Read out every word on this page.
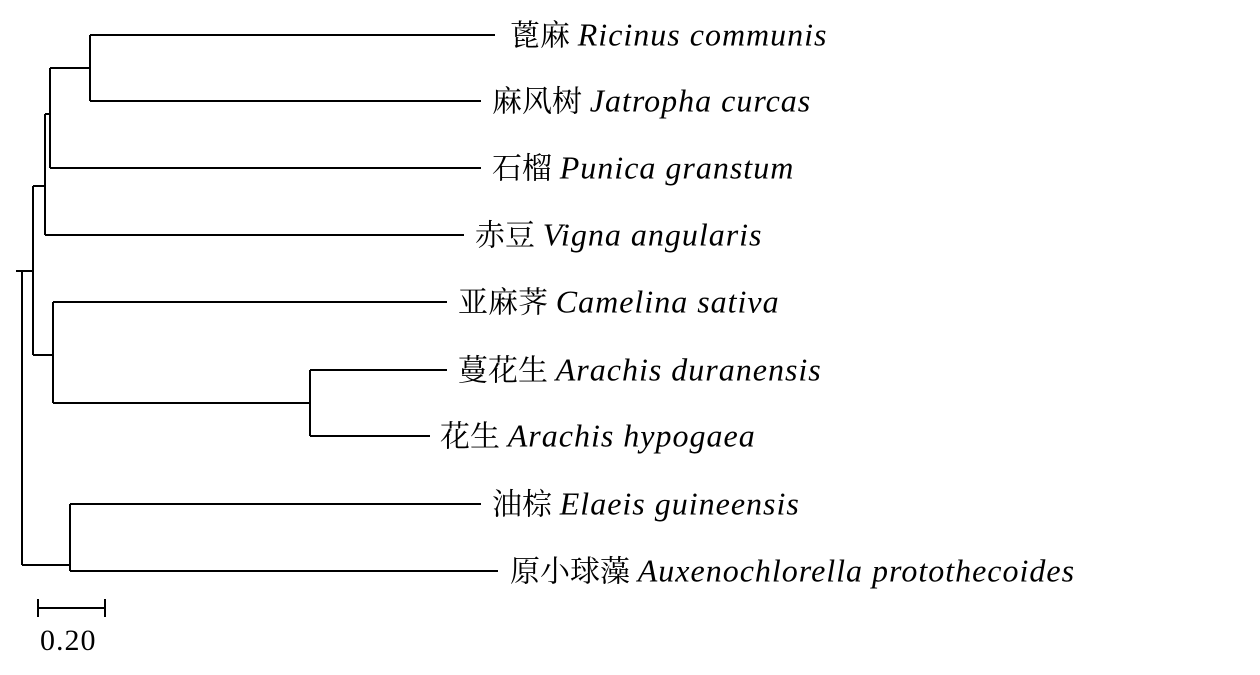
蓖麻 Ricinus communis
麻风树 Jatropha curcas
石榴 Punica granstum
赤豆 Vigna angularis
亚麻荠 Camelina sativa
蔓花生 Arachis duranensis
花生 Arachis hypogaea
油棕 Elaeis guineensis
原小球藻 Auxenochlorella protothecoides
0.20
